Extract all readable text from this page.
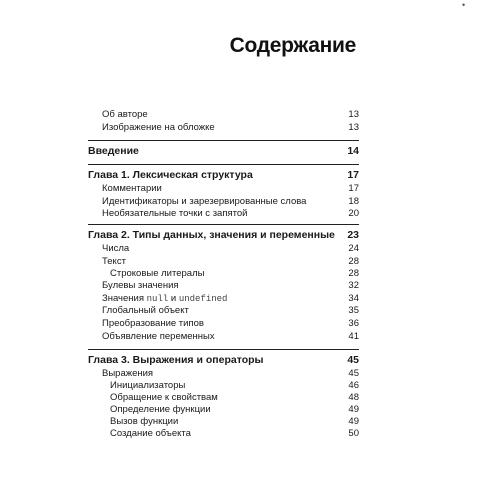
•
Содержание
Об авторе	13
Изображение на обложке	13
Введение	14
Глава 1. Лексическая структура	17
Комментарии	17
Идентификаторы и зарезервированные слова	18
Необязательные точки с запятой	20
Глава 2. Типы данных, значения и переменные 23
Числа	24
Текст	28
Строковые литералы	28
Булевы значения	32
Значения null и undefined	34
Глобальный объект	35
Преобразование типов	36
Объявление переменных	41
Глава 3. Выражения и операторы	45
Выражения	45
Инициализаторы	46
Обращение к свойствам	48
Определение функции	49
Вызов функции	49
Создание объекта	50
